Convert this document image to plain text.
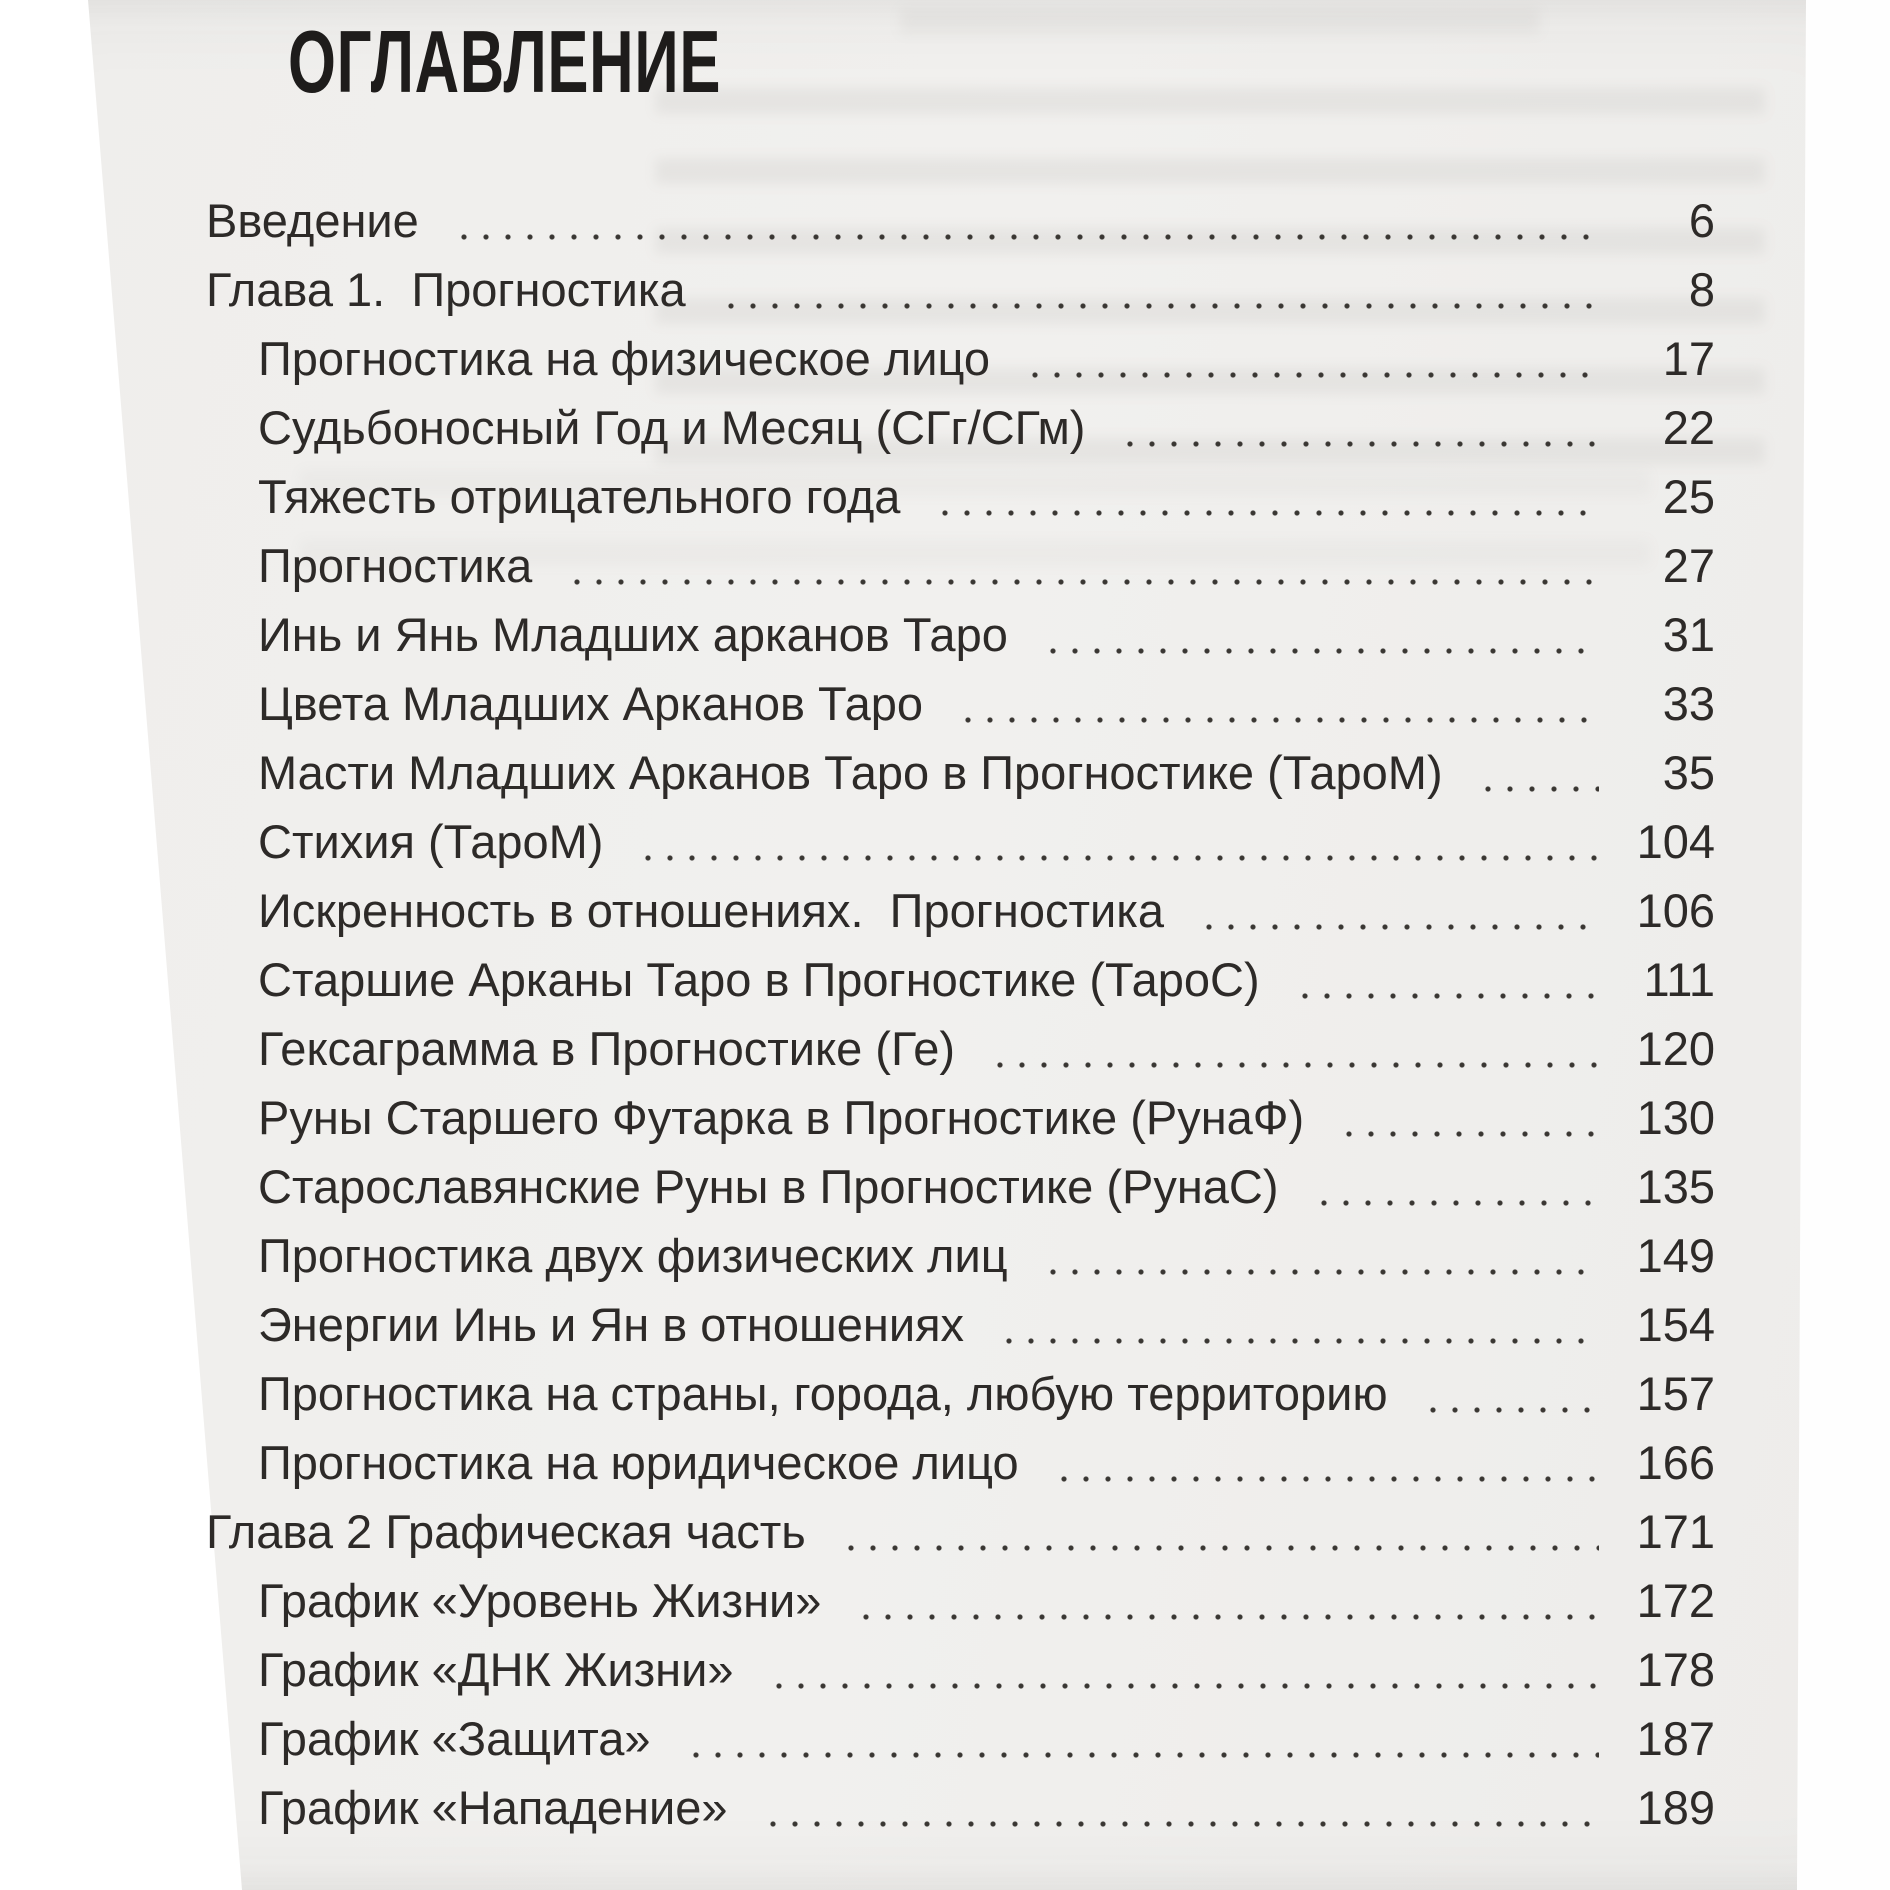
ОГЛАВЛЕНИЕ
Введение	6
Глава 1.  Прогностика	8
Прогностика на физическое лицо	17
Судьбоносный Год и Месяц (СГг/СГм)	22
Тяжесть отрицательного года	25
Прогностика	27
Инь и Янь Младших арканов Таро	31
Цвета Младших Арканов Таро	33
Масти Младших Арканов Таро в Прогностике (ТароМ)	35
Стихия (ТароМ)	104
Искренность в отношениях.  Прогностика	106
Старшие Арканы Таро в Прогностике (ТароС)	111
Гексаграмма в Прогностике (Ге)	120
Руны Старшего Футарка в Прогностике (РунаФ)	130
Старославянские Руны в Прогностике (РунаС)	135
Прогностика двух физических лиц	149
Энергии Инь и Ян в отношениях	154
Прогностика на страны, города, любую территорию	157
Прогностика на юридическое лицо	166
Глава 2 Графическая часть	171
График «Уровень Жизни»	172
График «ДНК Жизни»	178
График «Защита»	187
График «Нападение»	189
